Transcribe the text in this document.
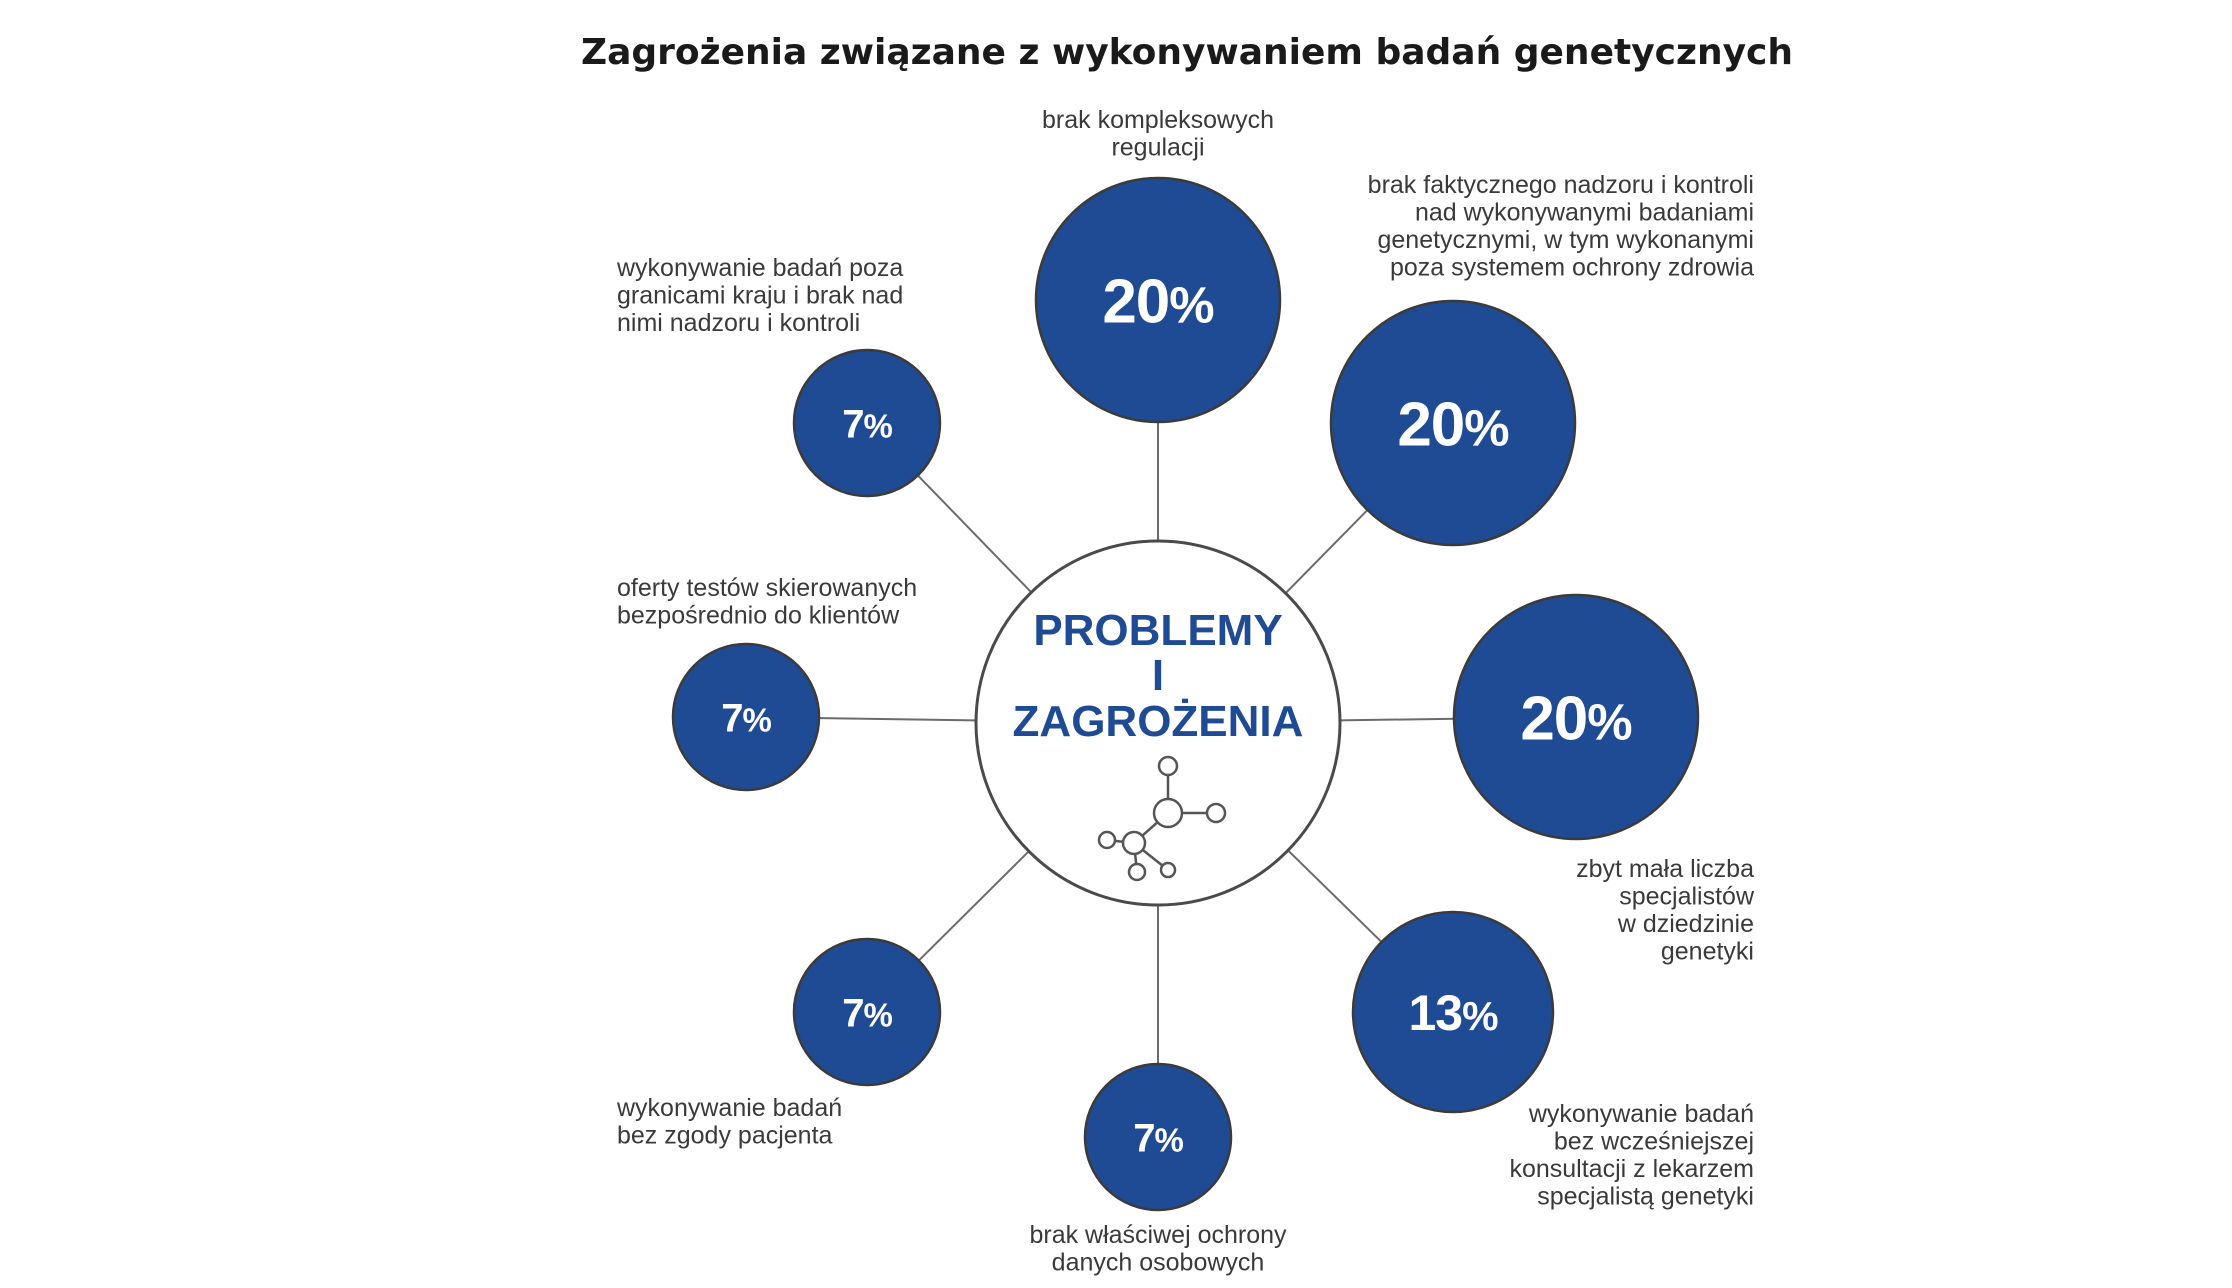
Zagrożenia związane z wykonywaniem badań genetycznych
PROBLEMY I ZAGROŻENIA
20%
20%
20%
13%
7%
7%
7%
7%
brak kompleksowych regulacji
brak faktycznego nadzoru i kontroli nad wykonywanymi badaniami genetycznymi, w tym wykonanymi poza systemem ochrony zdrowia
zbyt mała liczba specjalistów w dziedzinie genetyki
wykonywanie badań bez wcześniejszej konsultacji z lekarzem specjalistą genetyki
brak właściwej ochrony danych osobowych
wykonywanie badań bez zgody pacjenta
oferty testów skierowanych bezpośrednio do klientów
wykonywanie badań poza granicami kraju i brak nad nimi nadzoru i kontroli
